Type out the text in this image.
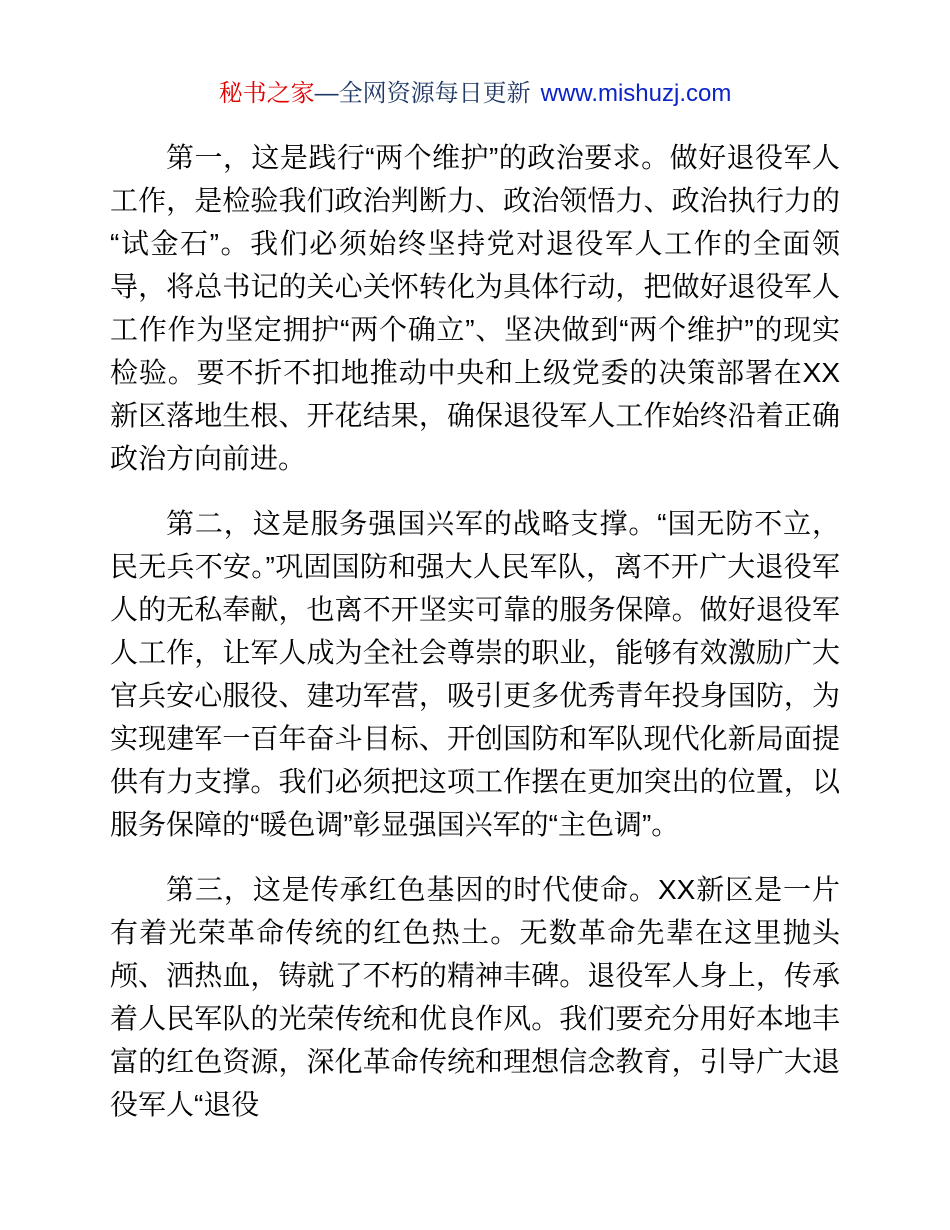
秘书之家—全网资源每日更新 www.mishuzj.com

第一，这是践行“两个维护”的政治要求。做好退役军人工作，是检验我们政治判断力、政治领悟力、政治执行力的“试金石”。我们必须始终坚持党对退役军人工作的全面领导，将总书记的关心关怀转化为具体行动，把做好退役军人工作作为坚定拥护“两个确立”、坚决做到“两个维护”的现实检验。要不折不扣地推动中央和上级党委的决策部署在XX新区落地生根、开花结果，确保退役军人工作始终沿着正确政治方向前进。

第二，这是服务强国兴军的战略支撑。“国无防不立，民无兵不安。”巩固国防和强大人民军队，离不开广大退役军人的无私奉献，也离不开坚实可靠的服务保障。做好退役军人工作，让军人成为全社会尊崇的职业，能够有效激励广大官兵安心服役、建功军营，吸引更多优秀青年投身国防，为实现建军一百年奋斗目标、开创国防和军队现代化新局面提供有力支撑。我们必须把这项工作摆在更加突出的位置，以服务保障的“暖色调”彰显强国兴军的“主色调”。

第三，这是传承红色基因的时代使命。XX新区是一片有着光荣革命传统的红色热土。无数革命先辈在这里抛头颅、洒热血，铸就了不朽的精神丰碑。退役军人身上，传承着人民军队的光荣传统和优良作风。我们要充分用好本地丰富的红色资源，深化革命传统和理想信念教育，引导广大退役军人“退役
